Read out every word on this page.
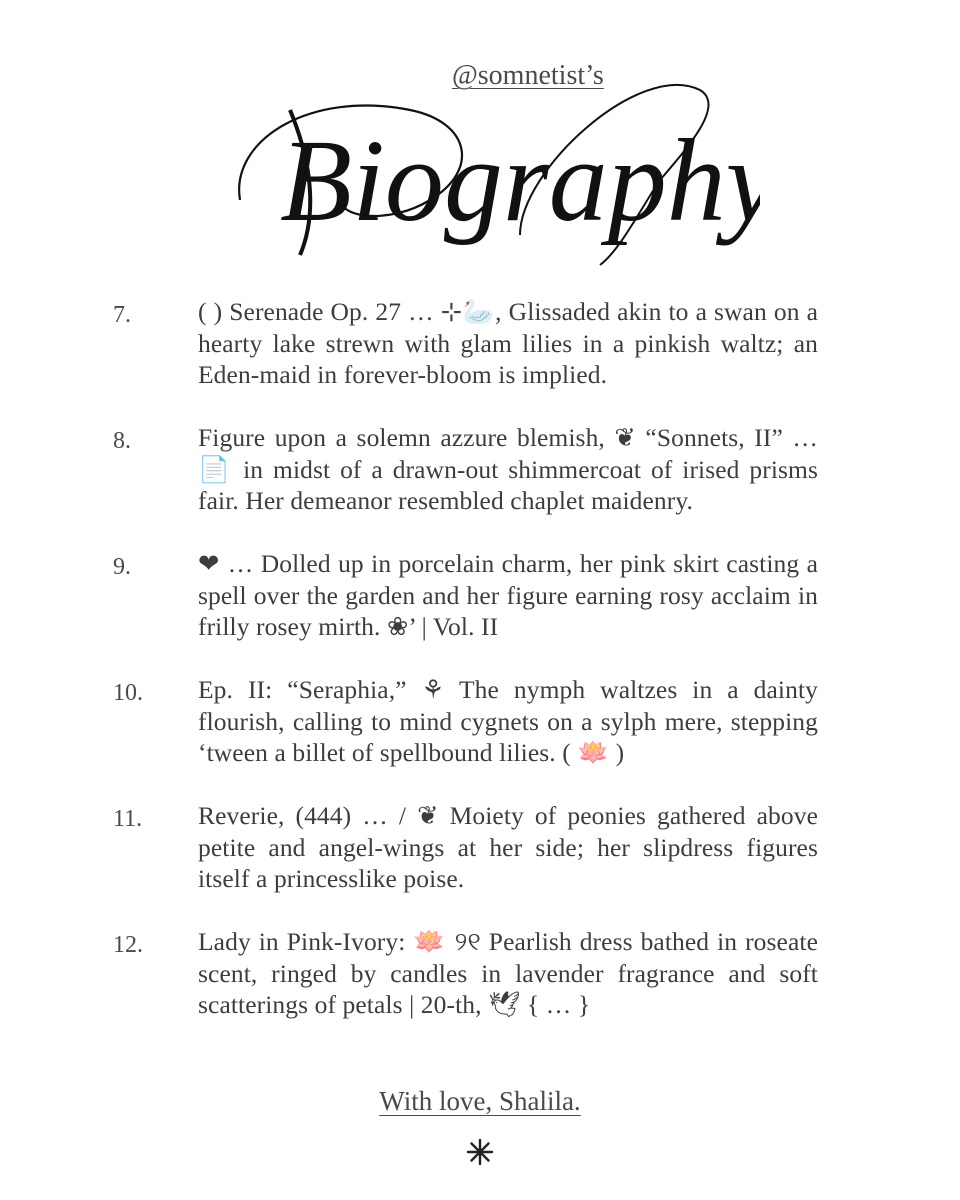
Biography
@somnetist’s
7.	( ) Serenade Op. 27 … ⊹🦢, Glissaded akin to a swan on a hearty lake strewn with glam lilies in a pinkish waltz; an Eden-maid in forever-bloom is implied.
8.	Figure upon a solemn azzure blemish, ❦ “Sonnets, II” … 📄 in midst of a drawn-out shimmercoat of irised prisms fair. Her demeanor resembled chaplet maidenry.
9.	❤ … Dolled up in porcelain charm, her pink skirt casting a spell over the garden and her figure earning rosy acclaim in frilly rosey mirth. ❀’ | Vol. II
10. Ep. II: “Seraphia,” ⚘ The nymph waltzes in a dainty flourish, calling to mind cygnets on a sylph mere, stepping ‘tween a billet of spellbound lilies. ( 🪷 )
11. Reverie, (444) … / ❦ Moiety of peonies gathered above petite and angel-wings at her side; her slipdress figures itself a princesslike poise.
12. Lady in Pink-Ivory: 🪷 ୨୧ Pearlish dress bathed in roseate scent, ringed by candles in lavender fragrance and soft scatterings of petals | 20-th, 🕊 { … }
With love, Shalila.
